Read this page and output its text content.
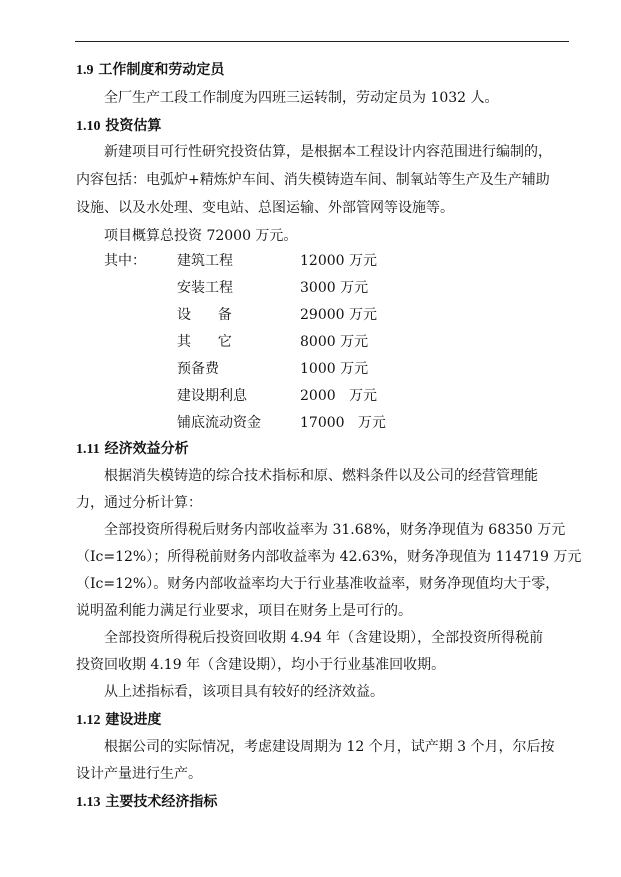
1.9 工作制度和劳动定员
全厂生产工段工作制度为四班三运转制，劳动定员为 1032 人。
1.10 投资估算
新建项目可行性研究投资估算，是根据本工程设计内容范围进行编制的，
内容包括：电弧炉+精炼炉车间、消失模铸造车间、制氧站等生产及生产辅助
设施、以及水处理、变电站、总图运输、外部管网等设施等。
项目概算总投资 72000 万元。
其中： 建筑工程	12000 万元
安装工程	3000 万元
设      备	29000 万元
其      它	8000 万元
预备费	1000 万元
建设期利息	2000   万元
铺底流动资金	17000   万元
1.11 经济效益分析
根据消失模铸造的综合技术指标和原、燃料条件以及公司的经营管理能
力，通过分析计算：
全部投资所得税后财务内部收益率为 31.68%，财务净现值为 68350 万元
（Ic=12%）；所得税前财务内部收益率为 42.63%，财务净现值为 114719 万元
（Ic=12%）。财务内部收益率均大于行业基准收益率，财务净现值均大于零，
说明盈利能力满足行业要求，项目在财务上是可行的。
全部投资所得税后投资回收期 4.94 年（含建设期），全部投资所得税前
投资回收期 4.19 年（含建设期），均小于行业基准回收期。
从上述指标看，该项目具有较好的经济效益。
1.12 建设进度
根据公司的实际情况，考虑建设周期为 12 个月，试产期 3 个月，尔后按
设计产量进行生产。
1.13 主要技术经济指标
